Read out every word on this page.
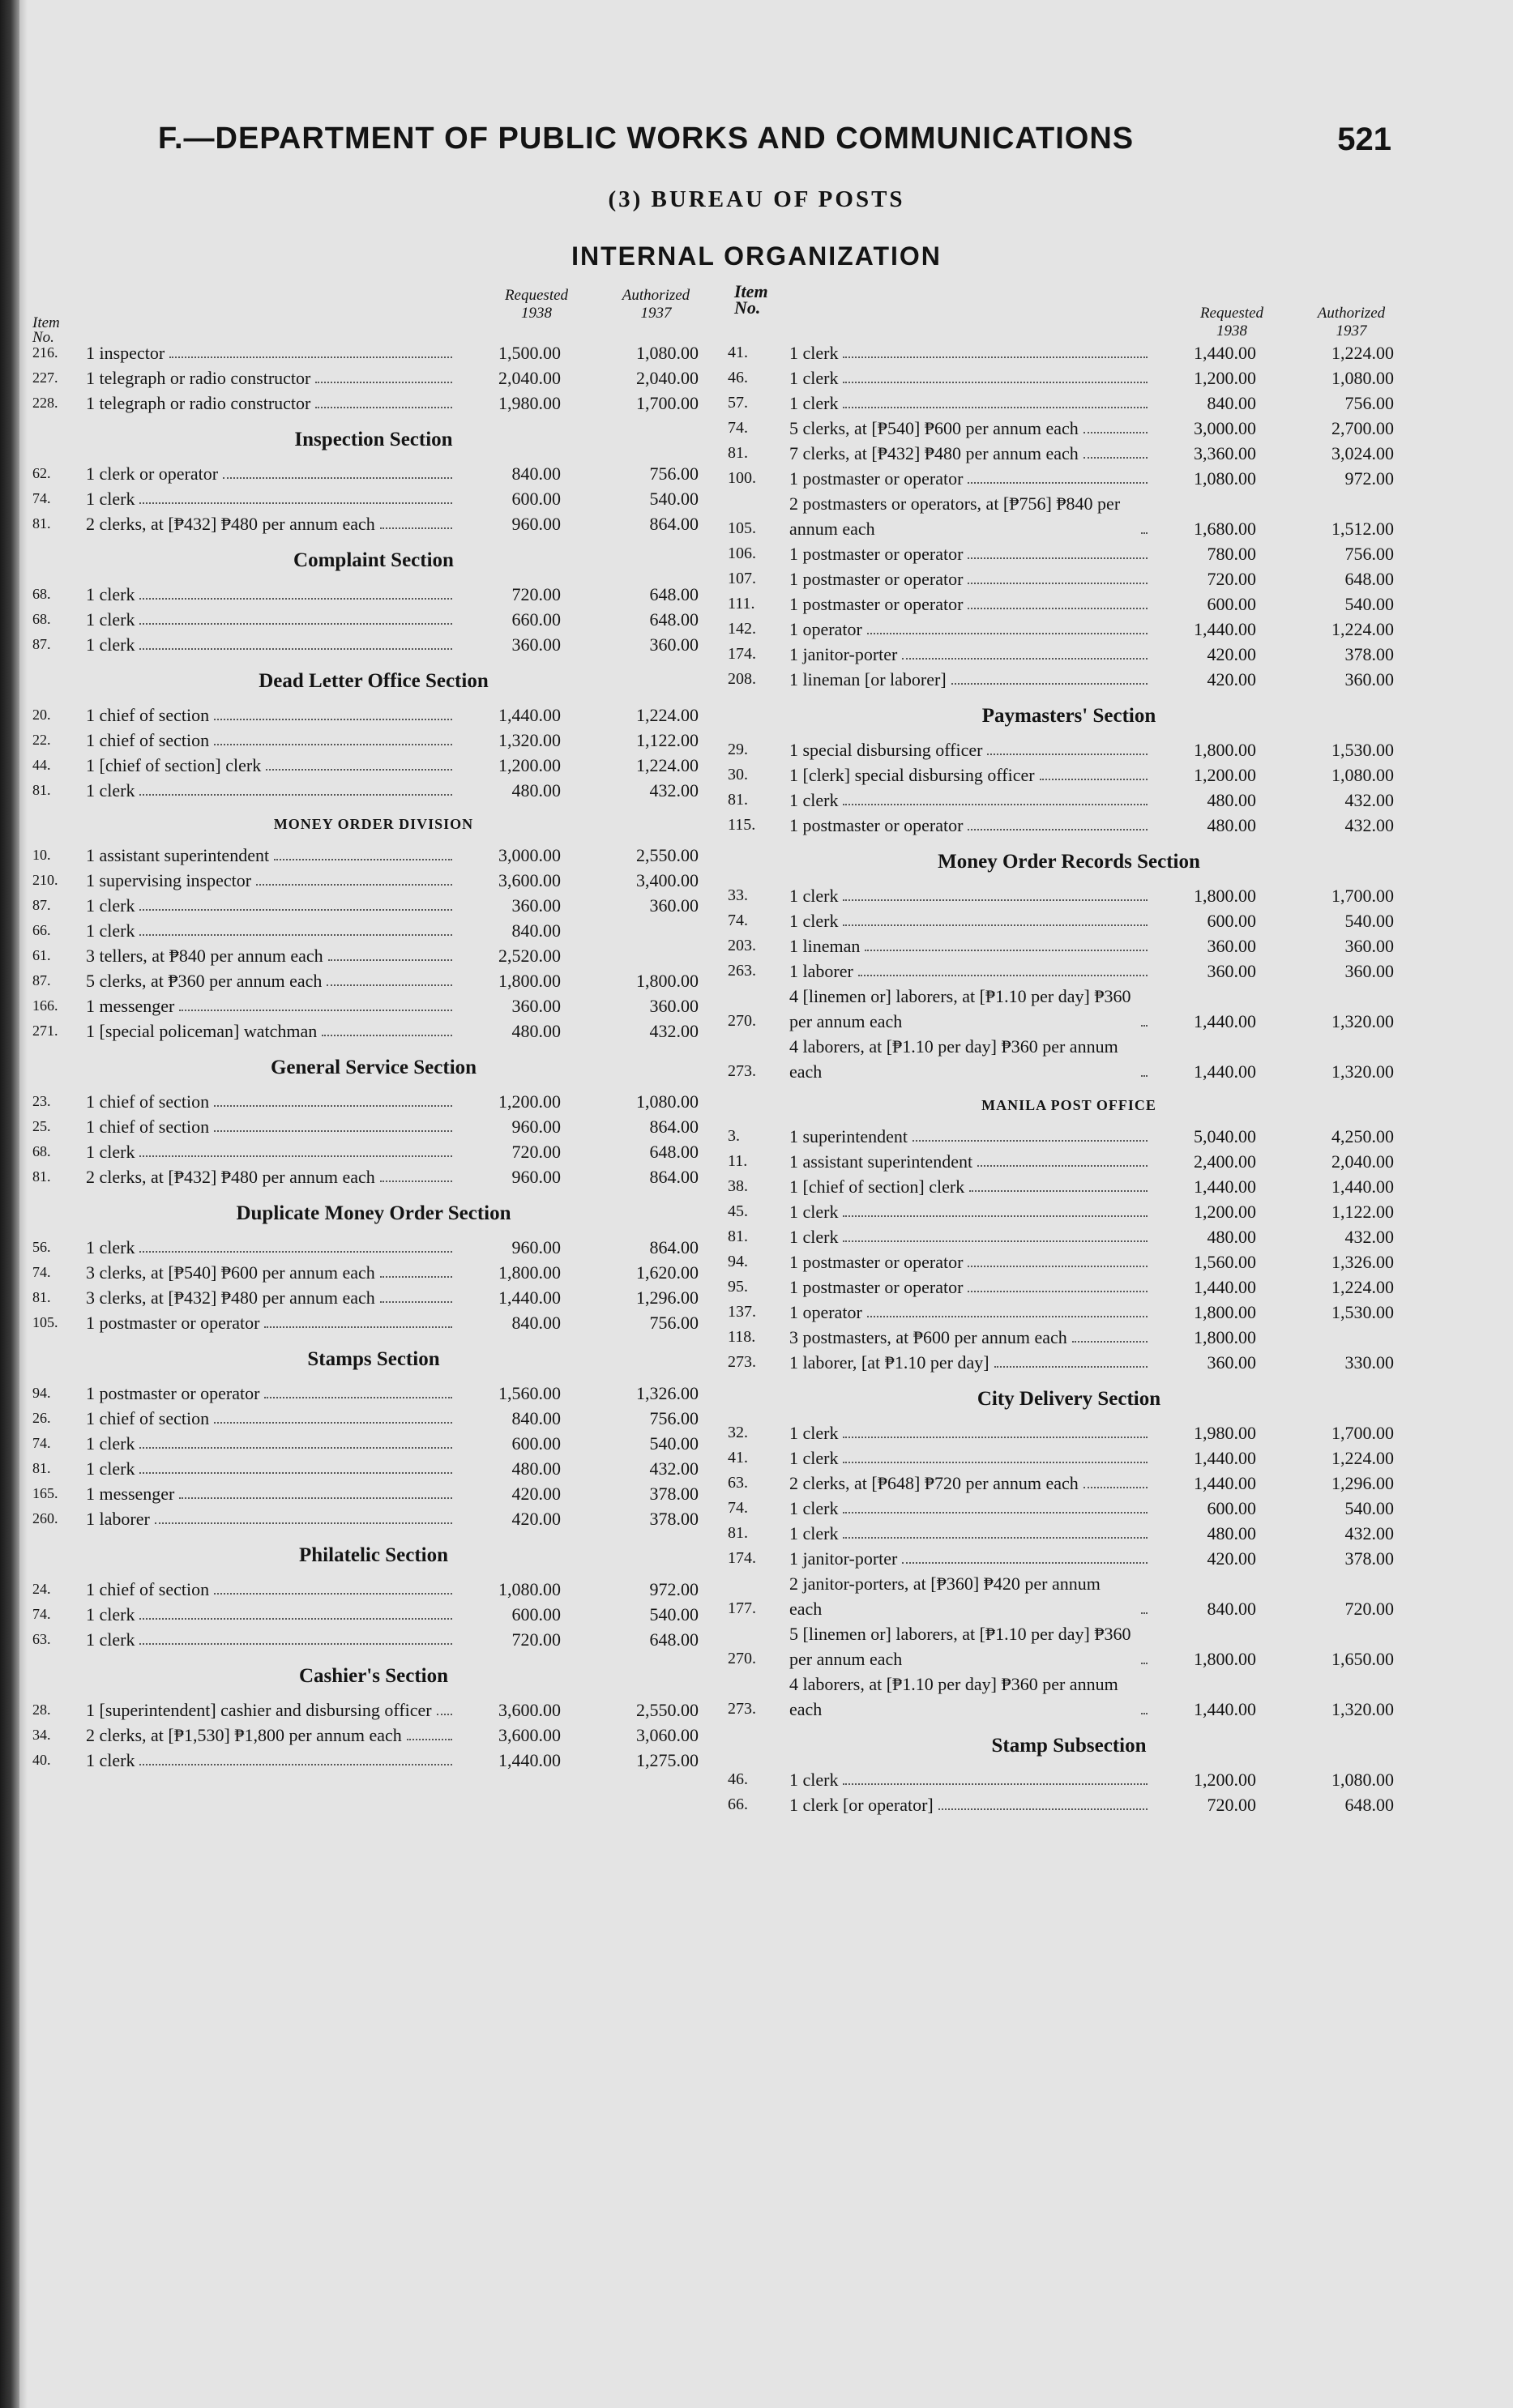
F.—DEPARTMENT OF PUBLIC WORKS AND COMMUNICATIONS	521
(3) BUREAU OF POSTS
INTERNAL ORGANIZATION
Item
No.
Requested
1938
Authorized
1937
216.	1 inspector	1,500.00	1,080.00
227.	1 telegraph or radio constructor	2,040.00	2,040.00
228.	1 telegraph or radio constructor	1,980.00	1,700.00
Inspection Section
62.	1 clerk or operator	840.00	756.00
74.	1 clerk	600.00	540.00
81.	2 clerks, at [₱432] ₱480 per annum each	960.00	864.00
Complaint Section
68.	1 clerk	720.00	648.00
68.	1 clerk	660.00	648.00
87.	1 clerk	360.00	360.00
Dead Letter Office Section
20.	1 chief of section	1,440.00	1,224.00
22.	1 chief of section	1,320.00	1,122.00
44.	1 [chief of section] clerk	1,200.00	1,224.00
81.	1 clerk	480.00	432.00
MONEY ORDER DIVISION
10.	1 assistant superintendent	3,000.00	2,550.00
210.	1 supervising inspector	3,600.00	3,400.00
87.	1 clerk	360.00	360.00
66.	1 clerk	840.00
61.	3 tellers, at ₱840 per annum each	2,520.00
87.	5 clerks, at ₱360 per annum each	1,800.00	1,800.00
166.	1 messenger	360.00	360.00
271.	1 [special policeman] watchman	480.00	432.00
General Service Section
23.	1 chief of section	1,200.00	1,080.00
25.	1 chief of section	960.00	864.00
68.	1 clerk	720.00	648.00
81.	2 clerks, at [₱432] ₱480 per annum each	960.00	864.00
Duplicate Money Order Section
56.	1 clerk	960.00	864.00
74.	3 clerks, at [₱540] ₱600 per annum each	1,800.00	1,620.00
81.	3 clerks, at [₱432] ₱480 per annum each	1,440.00	1,296.00
105.	1 postmaster or operator	840.00	756.00
Stamps Section
94.	1 postmaster or operator	1,560.00	1,326.00
26.	1 chief of section	840.00	756.00
74.	1 clerk	600.00	540.00
81.	1 clerk	480.00	432.00
165.	1 messenger	420.00	378.00
260.	1 laborer	420.00	378.00
Philatelic Section
24.	1 chief of section	1,080.00	972.00
74.	1 clerk	600.00	540.00
63.	1 clerk	720.00	648.00
Cashier's Section
28.	1 [superintendent] cashier and disbursing officer	3,600.00	2,550.00
34.	2 clerks, at [₱1,530] ₱1,800 per annum each	3,600.00	3,060.00
40.	1 clerk	1,440.00	1,275.00
Item
No.	Requested
1938
Authorized
1937
41.	1 clerk	1,440.00	1,224.00
46.	1 clerk	1,200.00	1,080.00
57.	1 clerk	840.00	756.00
74.	5 clerks, at [₱540] ₱600 per annum each	3,000.00	2,700.00
81.	7 clerks, at [₱432] ₱480 per annum each	3,360.00	3,024.00
100.	1 postmaster or operator	1,080.00	972.00
105.
2 postmasters or operators, at [₱756] ₱840 per annum each	1,680.00	1,512.00
106.	1 postmaster or operator	780.00	756.00
107.	1 postmaster or operator	720.00	648.00
111.	1 postmaster or operator	600.00	540.00
142.	1 operator	1,440.00	1,224.00
174.	1 janitor-porter	420.00	378.00
208.	1 lineman [or laborer]	420.00	360.00
Paymasters' Section
29.	1 special disbursing officer	1,800.00	1,530.00
30.	1 [clerk] special disbursing officer	1,200.00	1,080.00
81.	1 clerk	480.00	432.00
115.	1 postmaster or operator	480.00	432.00
Money Order Records Section
33.	1 clerk	1,800.00	1,700.00
74.	1 clerk	600.00	540.00
203.	1 lineman	360.00	360.00
263.	1 laborer	360.00	360.00
270.
4 [linemen or] laborers, at [₱1.10 per day] ₱360 per annum each	1,440.00	1,320.00
273.
4 laborers, at [₱1.10 per day] ₱360 per annum each	1,440.00	1,320.00
MANILA POST OFFICE
3.	1 superintendent	5,040.00	4,250.00
11.	1 assistant superintendent	2,400.00	2,040.00
38.	1 [chief of section] clerk	1,440.00	1,440.00
45.	1 clerk	1,200.00	1,122.00
81.	1 clerk	480.00	432.00
94.	1 postmaster or operator	1,560.00	1,326.00
95.	1 postmaster or operator	1,440.00	1,224.00
137.	1 operator	1,800.00	1,530.00
118.	3 postmasters, at ₱600 per annum each	1,800.00
273.	1 laborer, [at ₱1.10 per day]	360.00	330.00
City Delivery Section
32.	1 clerk	1,980.00	1,700.00
41.	1 clerk	1,440.00	1,224.00
63.	2 clerks, at [₱648] ₱720 per annum each	1,440.00	1,296.00
74.	1 clerk	600.00	540.00
81.	1 clerk	480.00	432.00
174.	1 janitor-porter	420.00	378.00
177.
2 janitor-porters, at [₱360] ₱420 per annum each	840.00	720.00
270.
5 [linemen or] laborers, at [₱1.10 per day] ₱360 per annum each	1,800.00	1,650.00
273.
4 laborers, at [₱1.10 per day] ₱360 per annum each	1,440.00	1,320.00
Stamp Subsection
46.	1 clerk	1,200.00	1,080.00
66.	1 clerk [or operator]	720.00	648.00
